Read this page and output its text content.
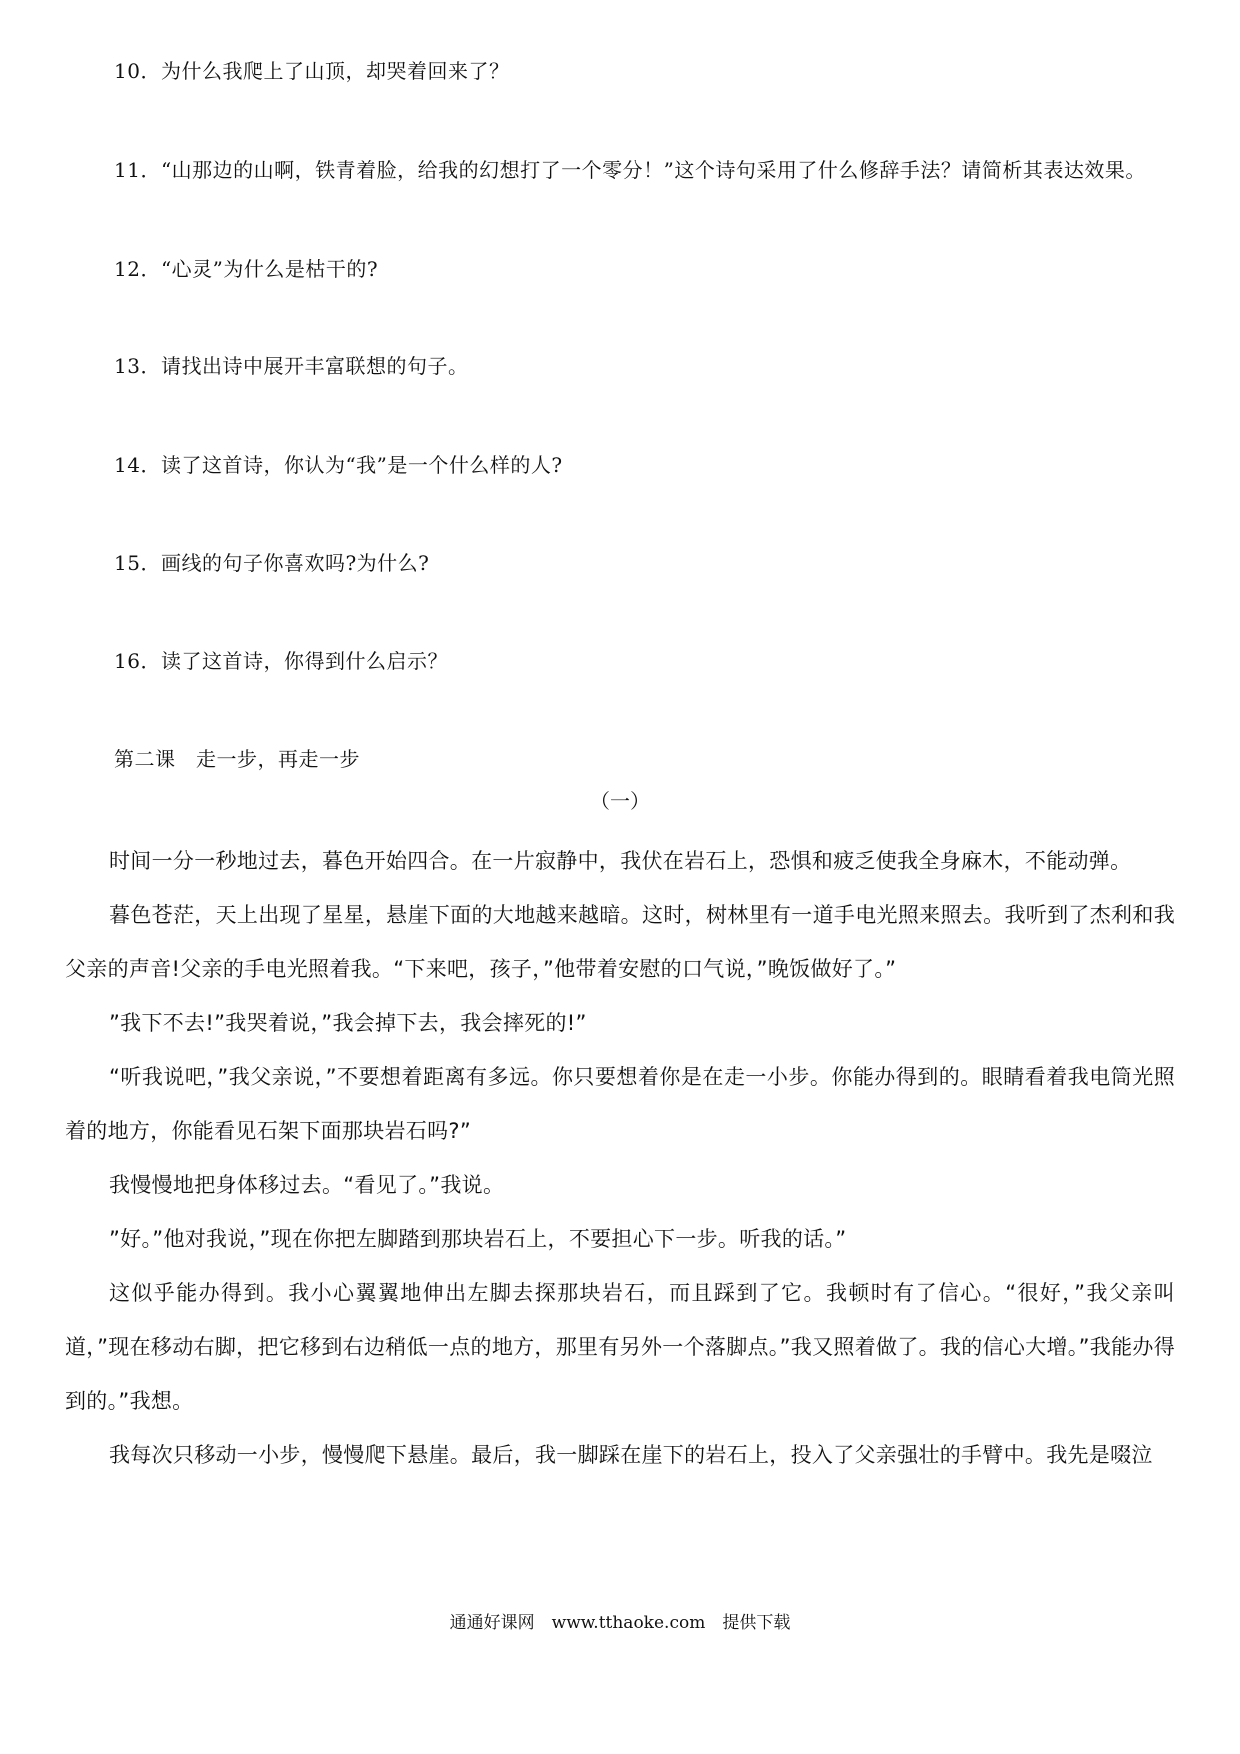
10．为什么我爬上了山顶，却哭着回来了？
11．“山那边的山啊，铁青着脸，给我的幻想打了一个零分！”这个诗句采用了什么修辞手法？请简析其表达效果。
12．“心灵”为什么是枯干的?
13．请找出诗中展开丰富联想的句子。
14．读了这首诗，你认为“我”是一个什么样的人?
15．画线的句子你喜欢吗?为什么?
16．读了这首诗，你得到什么启示？
第二课　走一步，再走一步
（一）

时间一分一秒地过去，暮色开始四合。在一片寂静中，我伏在岩石上，恐惧和疲乏使我全身麻木，不能动弹。

暮色苍茫，天上出现了星星，悬崖下面的大地越来越暗。这时，树林里有一道手电光照来照去。我听到了杰利和我父亲的声音!父亲的手电光照着我。“下来吧，孩子，”他带着安慰的口气说，”晚饭做好了。”

”我下不去!”我哭着说，”我会掉下去，我会摔死的!”

“听我说吧，”我父亲说，”不要想着距离有多远。你只要想着你是在走一小步。你能办得到的。眼睛看着我电筒光照着的地方，你能看见石架下面那块岩石吗?”

我慢慢地把身体移过去。“看见了。”我说。

”好。”他对我说，”现在你把左脚踏到那块岩石上，不要担心下一步。听我的话。”

这似乎能办得到。我小心翼翼地伸出左脚去探那块岩石，而且踩到了它。我顿时有了信心。“很好，”我父亲叫道，”现在移动右脚，把它移到右边稍低一点的地方，那里有另外一个落脚点。”我又照着做了。我的信心大增。”我能办得到的。”我想。

我每次只移动一小步，慢慢爬下悬崖。最后，我一脚踩在崖下的岩石上，投入了父亲强壮的手臂中。我先是啜泣

通通好课网　www.tthaoke.com　提供下载
